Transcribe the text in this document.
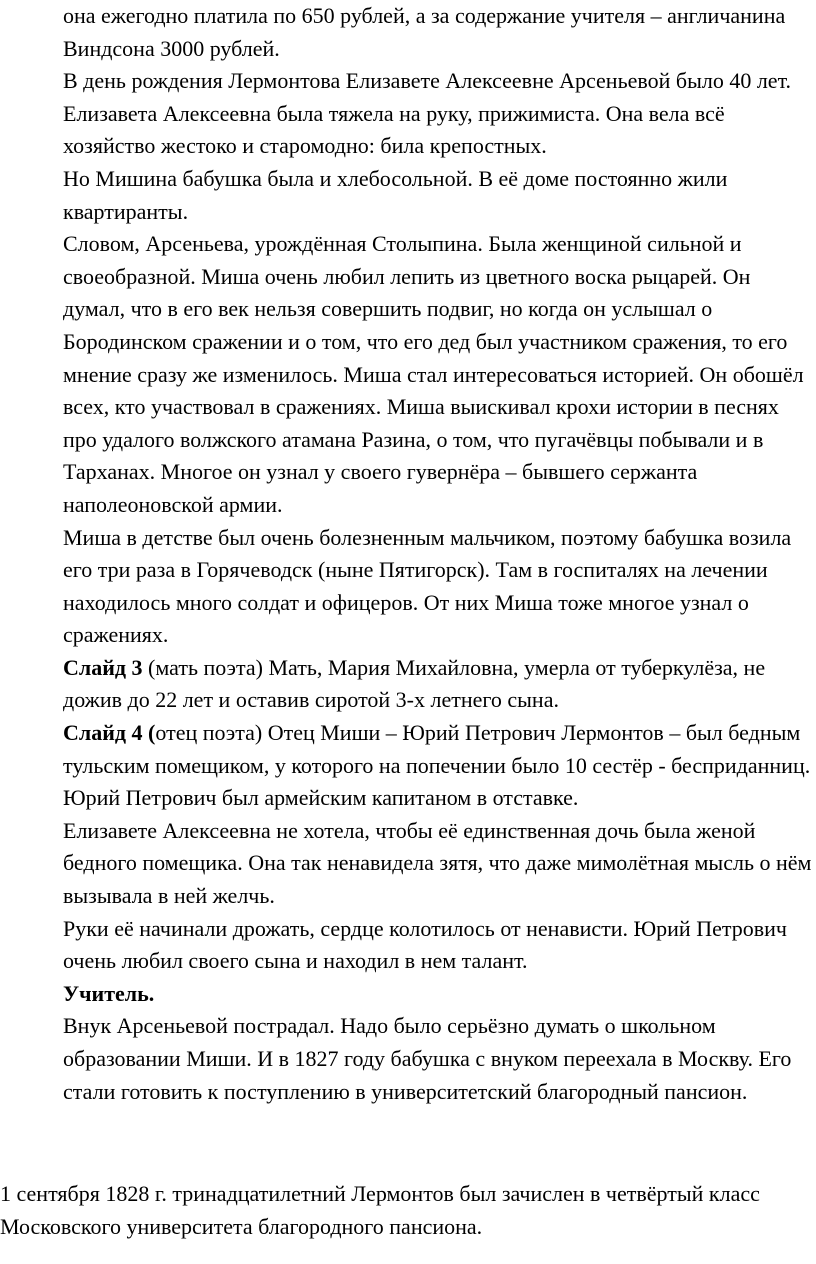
она ежегодно платила по 650 рублей, а за содержание учителя – англичанина Виндсона 3000 рублей.

В день рождения Лермонтова Елизавете Алексеевне Арсеньевой было 40 лет. Елизавета Алексеевна была тяжела на руку, прижимиста. Она вела всё хозяйство жестоко и старомодно: била крепостных.

Но Мишина бабушка была и хлебосольной. В её доме постоянно жили квартиранты.

Словом, Арсеньева, урождённая Столыпина. Была женщиной сильной и своеобразной. Миша очень любил лепить из цветного воска рыцарей. Он думал, что в его век нельзя совершить подвиг, но когда он услышал о Бородинском сражении и о том, что его дед был участником сражения, то его мнение сразу же изменилось. Миша стал интересоваться историей. Он обошёл всех, кто участвовал в сражениях. Миша выискивал крохи истории в песнях про удалого волжского атамана Разина, о том, что пугачёвцы побывали и в Тарханах. Многое он узнал у своего гувернёра – бывшего сержанта наполеоновской армии.

Миша в детстве был очень болезненным мальчиком, поэтому бабушка возила его три раза в Горячеводск (ныне Пятигорск). Там в госпиталях на лечении находилось много солдат и офицеров. От них Миша тоже многое узнал о сражениях.

Слайд 3 (мать поэта) Мать, Мария Михайловна, умерла от туберкулёза, не дожив до 22 лет и оставив сиротой 3-х летнего сына.

Слайд 4 (отец поэта) Отец Миши – Юрий Петрович Лермонтов – был бедным тульским помещиком, у которого на попечении было 10 сестёр - бесприданниц. Юрий Петрович был армейским капитаном в отставке.

Елизавете Алексеевна не хотела, чтобы её единственная дочь была женой бедного помещика. Она так ненавидела зятя, что даже мимолётная мысль о нём вызывала в ней желчь.

Руки её начинали дрожать, сердце колотилось от ненависти. Юрий Петрович очень любил своего сына и находил в нем талант.

Учитель.

Внук Арсеньевой пострадал. Надо было серьёзно думать о школьном образовании Миши. И в 1827 году бабушка с внуком переехала в Москву. Его стали готовить к поступлению в университетский благородный пансион.

1 сентября 1828 г. тринадцатилетний Лермонтов был зачислен в четвёртый класс Московского университета благородного пансиона.
